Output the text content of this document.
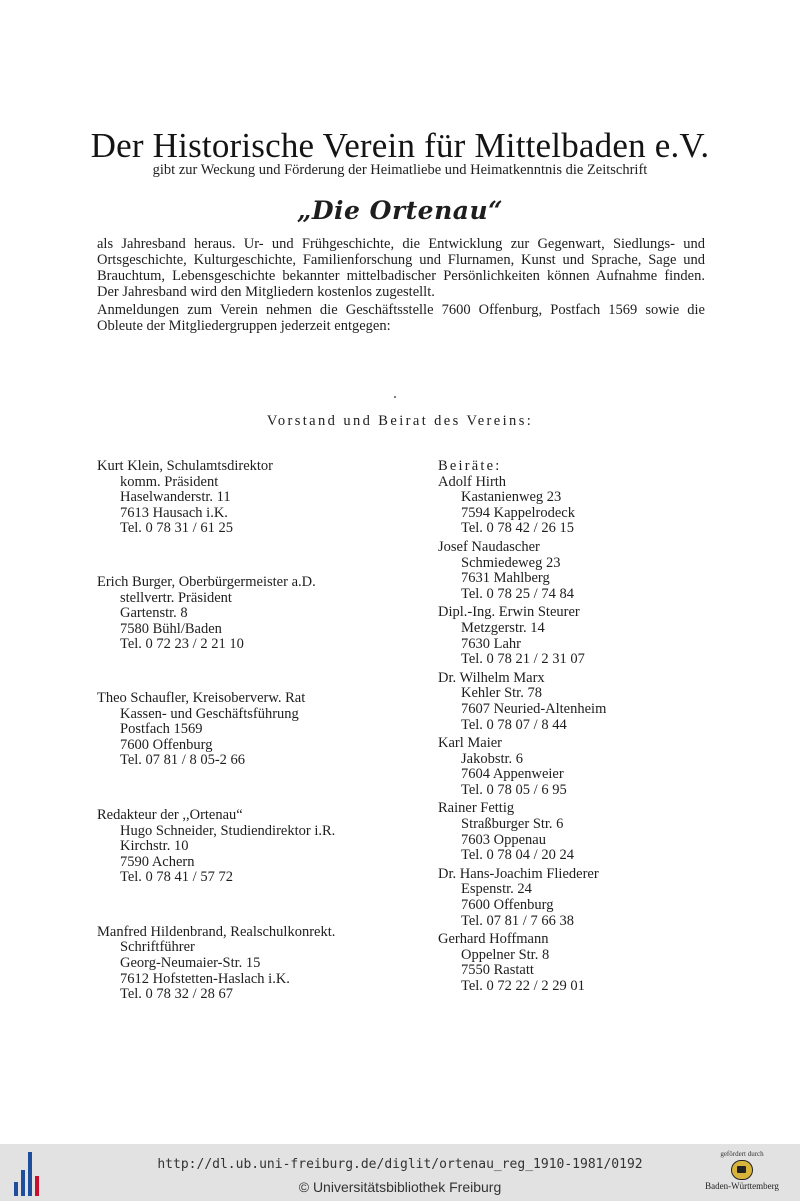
Der Historische Verein für Mittelbaden e.V.
gibt zur Weckung und Förderung der Heimatliebe und Heimatkenntnis die Zeitschrift
„Die Ortenau“

als Jahresband heraus. Ur- und Frühgeschichte, die Entwicklung zur Gegenwart, Siedlungs- und Ortsgeschichte, Kulturgeschichte, Familienforschung und Flurnamen, Kunst und Sprache, Sage und Brauchtum, Lebensgeschichte bekannter mittelbadischer Persönlichkeiten können Aufnahme finden. Der Jahresband wird den Mitgliedern kostenlos zugestellt.

Anmeldungen zum Verein nehmen die Geschäftsstelle 7600 Offenburg, Postfach 1569 sowie die Obleute der Mitgliedergruppen jederzeit entgegen:

Vorstand und Beirat des Vereins:
Kurt Klein, Schulamtsdirektor
komm. Präsident
Haselwanderstr. 11
7613 Hausach i.K.
Tel. 0 78 31 / 61 25
Erich Burger, Oberbürgermeister a.D.
stellvertr. Präsident
Gartenstr. 8
7580 Bühl/Baden
Tel. 0 72 23 / 2 21 10
Theo Schaufler, Kreisoberverw. Rat
Kassen- und Geschäftsführung
Postfach 1569
7600 Offenburg
Tel. 07 81 / 8 05-2 66
Redakteur der ,,Ortenau“
Hugo Schneider, Studiendirektor i.R.
Kirchstr. 10
7590 Achern
Tel. 0 78 41 / 57 72
Manfred Hildenbrand, Realschulkonrekt.
Schriftführer
Georg-Neumaier-Str. 15
7612 Hofstetten-Haslach i.K.
Tel. 0 78 32 / 28 67
Beiräte:
Adolf Hirth
Kastanienweg 23
7594 Kappelrodeck
Tel. 0 78 42 / 26 15
Josef Naudascher
Schmiedeweg 23
7631 Mahlberg
Tel. 0 78 25 / 74 84
Dipl.-Ing. Erwin Steurer
Metzgerstr. 14
7630 Lahr
Tel. 0 78 21 / 2 31 07
Dr. Wilhelm Marx
Kehler Str. 78
7607 Neuried-Altenheim
Tel. 0 78 07 / 8 44
Karl Maier
Jakobstr. 6
7604 Appenweier
Tel. 0 78 05 / 6 95
Rainer Fettig
Straßburger Str. 6
7603 Oppenau
Tel. 0 78 04 / 20 24
Dr. Hans-Joachim Fliederer
Espenstr. 24
7600 Offenburg
Tel. 07 81 / 7 66 38
Gerhard Hoffmann
Oppelner Str. 8
7550 Rastatt
Tel. 0 72 22 / 2 29 01
http://dl.ub.uni-freiburg.de/diglit/ortenau_reg_1910-1981/0192
© Universitätsbibliothek Freiburg
gefördert durch
Baden-Württemberg
